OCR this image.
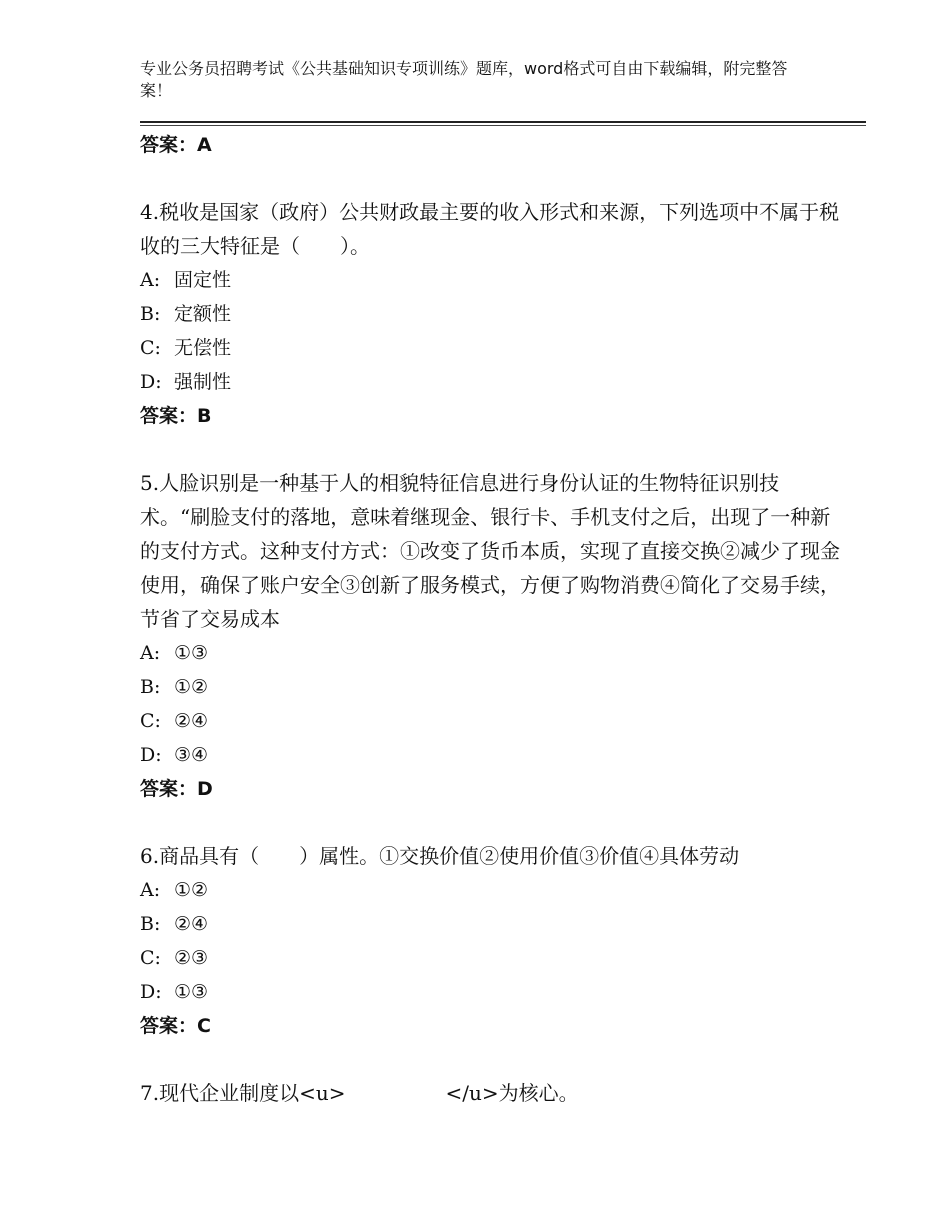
专业公务员招聘考试《公共基础知识专项训练》题库，word格式可自由下载编辑，附完整答案！
答案：A
4.税收是国家（政府）公共财政最主要的收入形式和来源，下列选项中不属于税收的三大特征是（　　）。
A: 固定性
B: 定额性
C: 无偿性
D: 强制性
答案：B
5.人脸识别是一种基于人的相貌特征信息进行身份认证的生物特征识别技术。“刷脸支付的落地，意味着继现金、银行卡、手机支付之后，出现了一种新的支付方式。这种支付方式：①改变了货币本质，实现了直接交换②减少了现金使用，确保了账户安全③创新了服务模式，方便了购物消费④简化了交易手续，节省了交易成本
A: ①③
B: ①②
C: ②④
D: ③④
答案：D
6.商品具有（　　）属性。①交换价值②使用价值③价值④具体劳动
A: ①②
B: ②④
C: ②③
D: ①③
答案：C
7.现代企业制度以<u>　　　　　</u>为核心。
